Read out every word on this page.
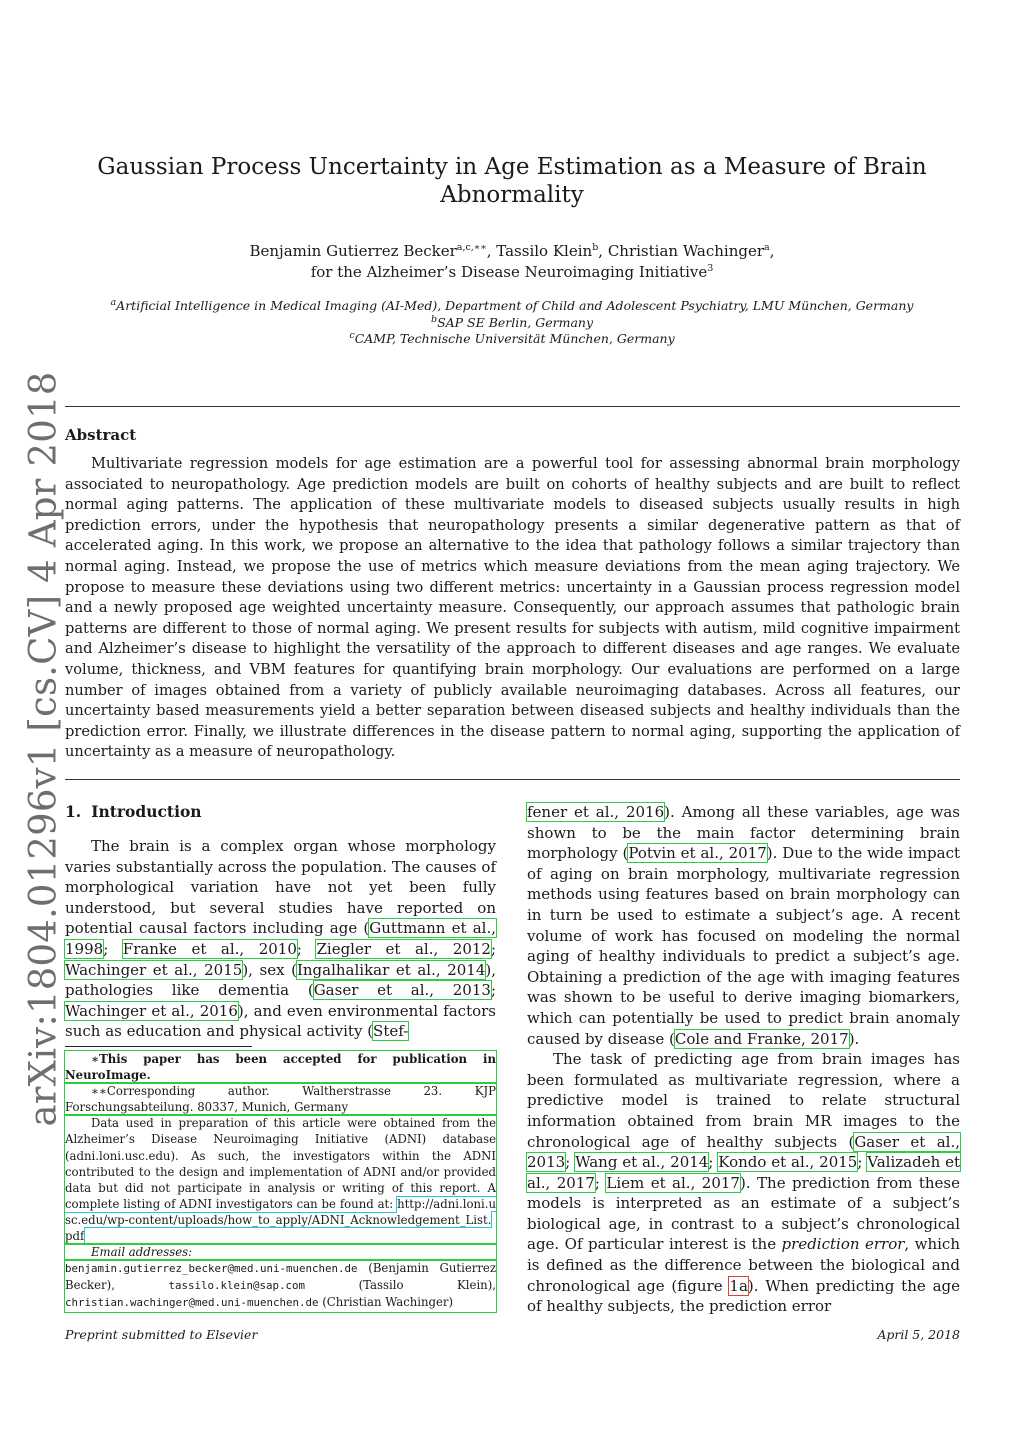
Gaussian Process Uncertainty in Age Estimation as a Measure of Brain Abnormality
Benjamin Gutierrez Becker$^{a,c,∗∗}$, Tassilo Klein$^b$, Christian Wachinger$^a$,
for the Alzheimer’s Disease Neuroimaging Initiative$^3$
$^a$Artificial Intelligence in Medical Imaging (AI-Med), Department of Child and Adolescent Psychiatry, LMU München, Germany
$^b$SAP SE Berlin, Germany
$^c$CAMP, Technische Universität München, Germany
arXiv:1804.01296v1 [cs.CV] 4 Apr 2018 Abstract

Multivariate regression models for age estimation are a powerful tool for assessing abnormal brain morphology associated to neuropathology. Age prediction models are built on cohorts of healthy subjects and are built to reflect normal aging patterns. The application of these multivariate models to diseased subjects usually results in high prediction errors, under the hypothesis that neuropathology presents a similar degenerative pattern as that of accelerated aging. In this work, we propose an alternative to the idea that pathology follows a similar trajectory than normal aging. Instead, we propose the use of metrics which measure deviations from the mean aging trajectory. We propose to measure these deviations using two different metrics: uncertainty in a Gaussian process regression model and a newly proposed age weighted uncertainty measure. Consequently, our approach assumes that pathologic brain patterns are different to those of normal aging. We present results for subjects with autism, mild cognitive impairment and Alzheimer’s disease to highlight the versatility of the approach to different diseases and age ranges. We evaluate volume, thickness, and VBM features for quantifying brain morphology. Our evaluations are performed on a large number of images obtained from a variety of publicly available neuroimaging databases. Across all features, our uncertainty based measurements yield a better separation between diseased subjects and healthy individuals than the prediction error. Finally, we illustrate differences in the disease pattern to normal aging, supporting the application of uncertainty as a measure of neuropathology.

1. Introduction

The brain is a complex organ whose morphology varies substantially across the population. The causes of morphological variation have not yet been fully understood, but several studies have reported on potential causal factors including age (Guttmann et al., 1998; Franke et al., 2010; Ziegler et al., 2012; Wachinger et al., 2015), sex (Ingalhalikar et al., 2014), pathologies like dementia (Gaser et al., 2013; Wachinger et al., 2016), and even environmental factors such as education and physical activity (Stef-

∗This paper has been accepted for publication in NeuroImage.

∗∗Corresponding author. Waltherstrasse 23. KJP Forschungsabteilung. 80337, Munich, Germany

Data used in preparation of this article were obtained from the Alzheimer’s Disease Neuroimaging Initiative (ADNI) database (adni.loni.usc.edu). As such, the investigators within the ADNI contributed to the design and implementation of ADNI and/or provided data but did not participate in analysis or writing of this report. A complete listing of ADNI investigators can be found at: http://adni.loni.usc.edu/wp-content/uploads/how_to_apply/ADNI_Acknowledgement_List.pdf

Email addresses:

benjamin.gutierrez_becker@med.uni-muenchen.de (Benjamin Gutierrez Becker), tassilo.klein@sap.com (Tassilo Klein), christian.wachinger@med.uni-muenchen.de (Christian Wachinger)

fener et al., 2016). Among all these variables, age was shown to be the main factor determining brain morphology (Potvin et al., 2017). Due to the wide impact of aging on brain morphology, multivariate regression methods using features based on brain morphology can in turn be used to estimate a subject’s age. A recent volume of work has focused on modeling the normal aging of healthy individuals to predict a subject’s age. Obtaining a prediction of the age with imaging features was shown to be useful to derive imaging biomarkers, which can potentially be used to predict brain anomaly caused by disease (Cole and Franke, 2017).

The task of predicting age from brain images has been formulated as multivariate regression, where a predictive model is trained to relate structural information obtained from brain MR images to the chronological age of healthy subjects (Gaser et al., 2013; Wang et al., 2014; Kondo et al., 2015; Valizadeh et al., 2017; Liem et al., 2017). The prediction from these models is interpreted as an estimate of a subject’s biological age, in contrast to a subject’s chronological age. Of particular interest is the prediction error, which is defined as the difference between the biological and chronological age (figure 1a). When predicting the age of healthy subjects, the prediction error

Preprint submitted to Elsevier	April 5, 2018
